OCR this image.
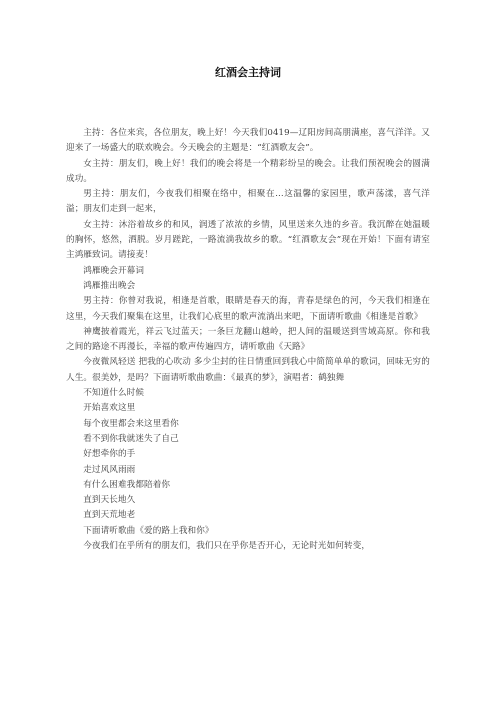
红酒会主持词

主持：各位来宾，各位朋友，晚上好！今天我们0419—辽阳房间高朋满座，喜气洋洋。又迎来了一场盛大的联欢晚会。今天晚会的主题是：“红酒歌友会”。

女主持：朋友们，晚上好！我们的晚会将是一个精彩纷呈的晚会。让我们预祝晚会的圆满成功。

男主持：朋友们，今夜我们相聚在络中，相聚在…这温馨的家园里，歌声荡漾，喜气洋溢；朋友们走到一起来，

女主持：沐浴着故乡的和风，润透了浓浓的乡情，风里送来久违的乡音。我沉醉在她温暖的胸怀，悠然，洒脱。岁月蹉跎，一路流淌我故乡的歌。“红酒歌友会”现在开始！下面有请室主鸿雁致词。请接麦！

鸿雁晚会开幕词

鸿雁推出晚会

男主持：你曾对我说，相逢是首歌，眼睛是春天的海，青春是绿色的河，今天我们相逢在这里，今天我们聚集在这里，让我们心底里的歌声流淌出来吧，下面请听歌曲《相逢是首歌》

神鹰披着霞光，祥云飞过蓝天；一条巨龙翻山越岭，把人间的温暖送到雪域高原。你和我之间的路途不再漫长，幸福的歌声传遍四方，请听歌曲《天路》

今夜微风轻送 把我的心吹动 多少尘封的往日情重回到我心中简简单单的歌词，回味无穷的人生。很美妙，是吗？下面请听歌曲歌曲：《最真的梦》，演唱者：鹤独舞

不知道什么时候

开始喜欢这里

每个夜里都会来这里看你

看不到你我就迷失了自己

好想牵你的手

走过风风雨雨

有什么困难我都陪着你

直到天长地久

直到天荒地老

下面请听歌曲《爱的路上我和你》

今夜我们在乎所有的朋友们，我们只在乎你是否开心，无论时光如何转变，
